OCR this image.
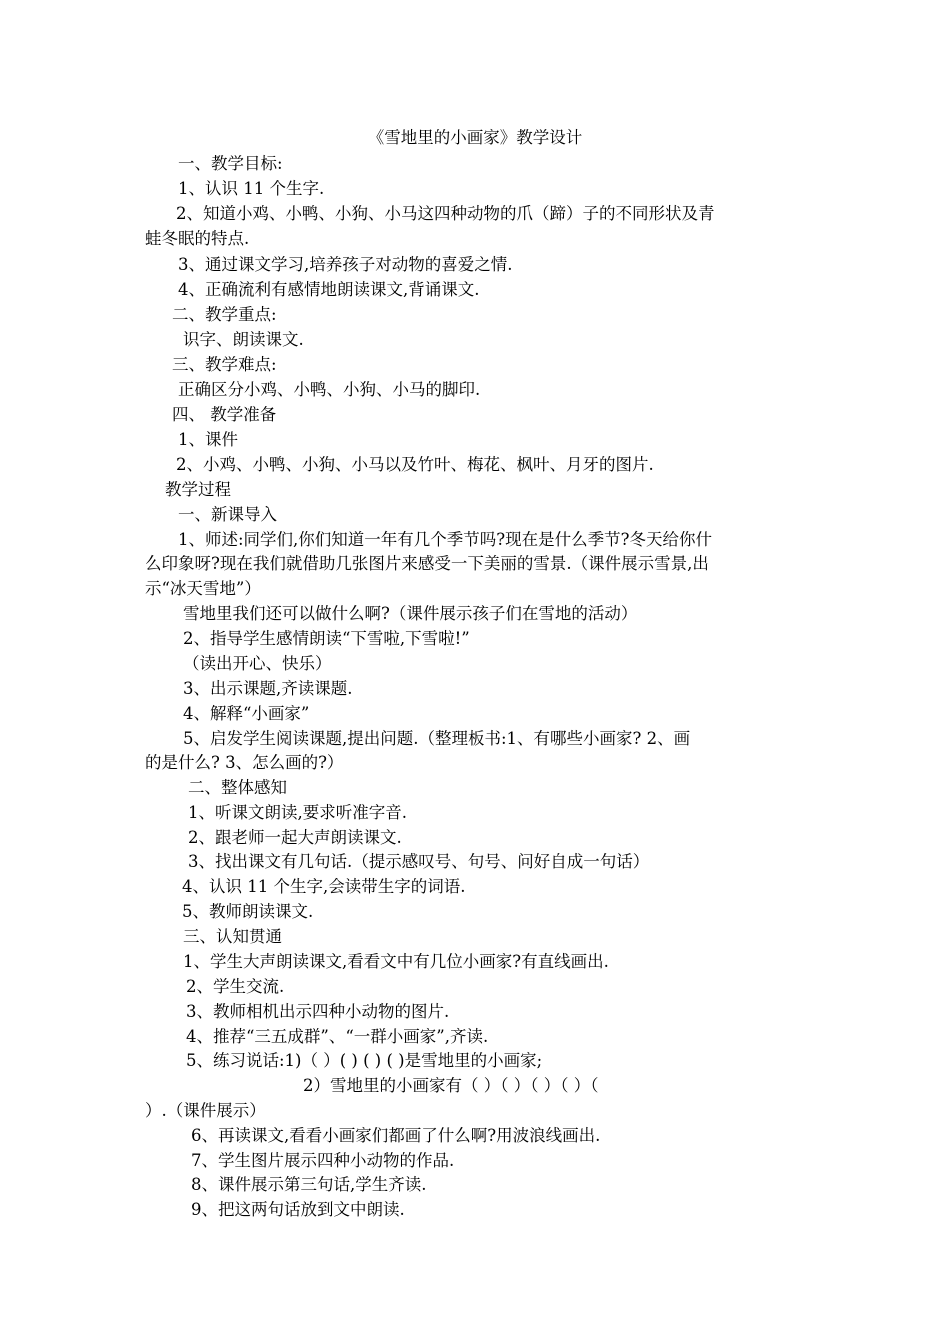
《雪地里的小画家》教学设计
一、教学目标:
1、认识 11 个生字.
2、知道小鸡、小鸭、小狗、小马这四种动物的爪（蹄）子的不同形状及青
蛙冬眠的特点.
3、通过课文学习,培养孩子对动物的喜爱之情.
4、正确流利有感情地朗读课文,背诵课文.
二、教学重点:
识字、朗读课文.
三、教学难点:
正确区分小鸡、小鸭、小狗、小马的脚印.
四、 教学准备
1、课件
2、小鸡、小鸭、小狗、小马以及竹叶、梅花、枫叶、月牙的图片.
教学过程
一、新课导入
1、师述:同学们,你们知道一年有几个季节吗?现在是什么季节?冬天给你什
么印象呀?现在我们就借助几张图片来感受一下美丽的雪景.（课件展示雪景,出
示“冰天雪地”）
雪地里我们还可以做什么啊?（课件展示孩子们在雪地的活动）
2、指导学生感情朗读“下雪啦,下雪啦!”
（读出开心、快乐）
3、出示课题,齐读课题.
4、解释“小画家”
5、启发学生阅读课题,提出问题.（整理板书:1、有哪些小画家? 2、画
的是什么? 3、怎么画的?）
二、整体感知
1、听课文朗读,要求听准字音.
2、跟老师一起大声朗读课文.
3、找出课文有几句话.（提示感叹号、句号、问好自成一句话）
4、认识 11 个生字,会读带生字的词语.
5、教师朗读课文.
三、认知贯通
1、学生大声朗读课文,看看文中有几位小画家?有直线画出.
2、学生交流.
3、教师相机出示四种小动物的图片.
4、推荐“三五成群”、“一群小画家”,齐读.
5、练习说话:1)（ ）( ) ( ) ( )是雪地里的小画家;
2）雪地里的小画家有（ ）（ ）（ ）（ ）（
）.（课件展示）
6、再读课文,看看小画家们都画了什么啊?用波浪线画出.
7、学生图片展示四种小动物的作品.
8、课件展示第三句话,学生齐读.
9、把这两句话放到文中朗读.
